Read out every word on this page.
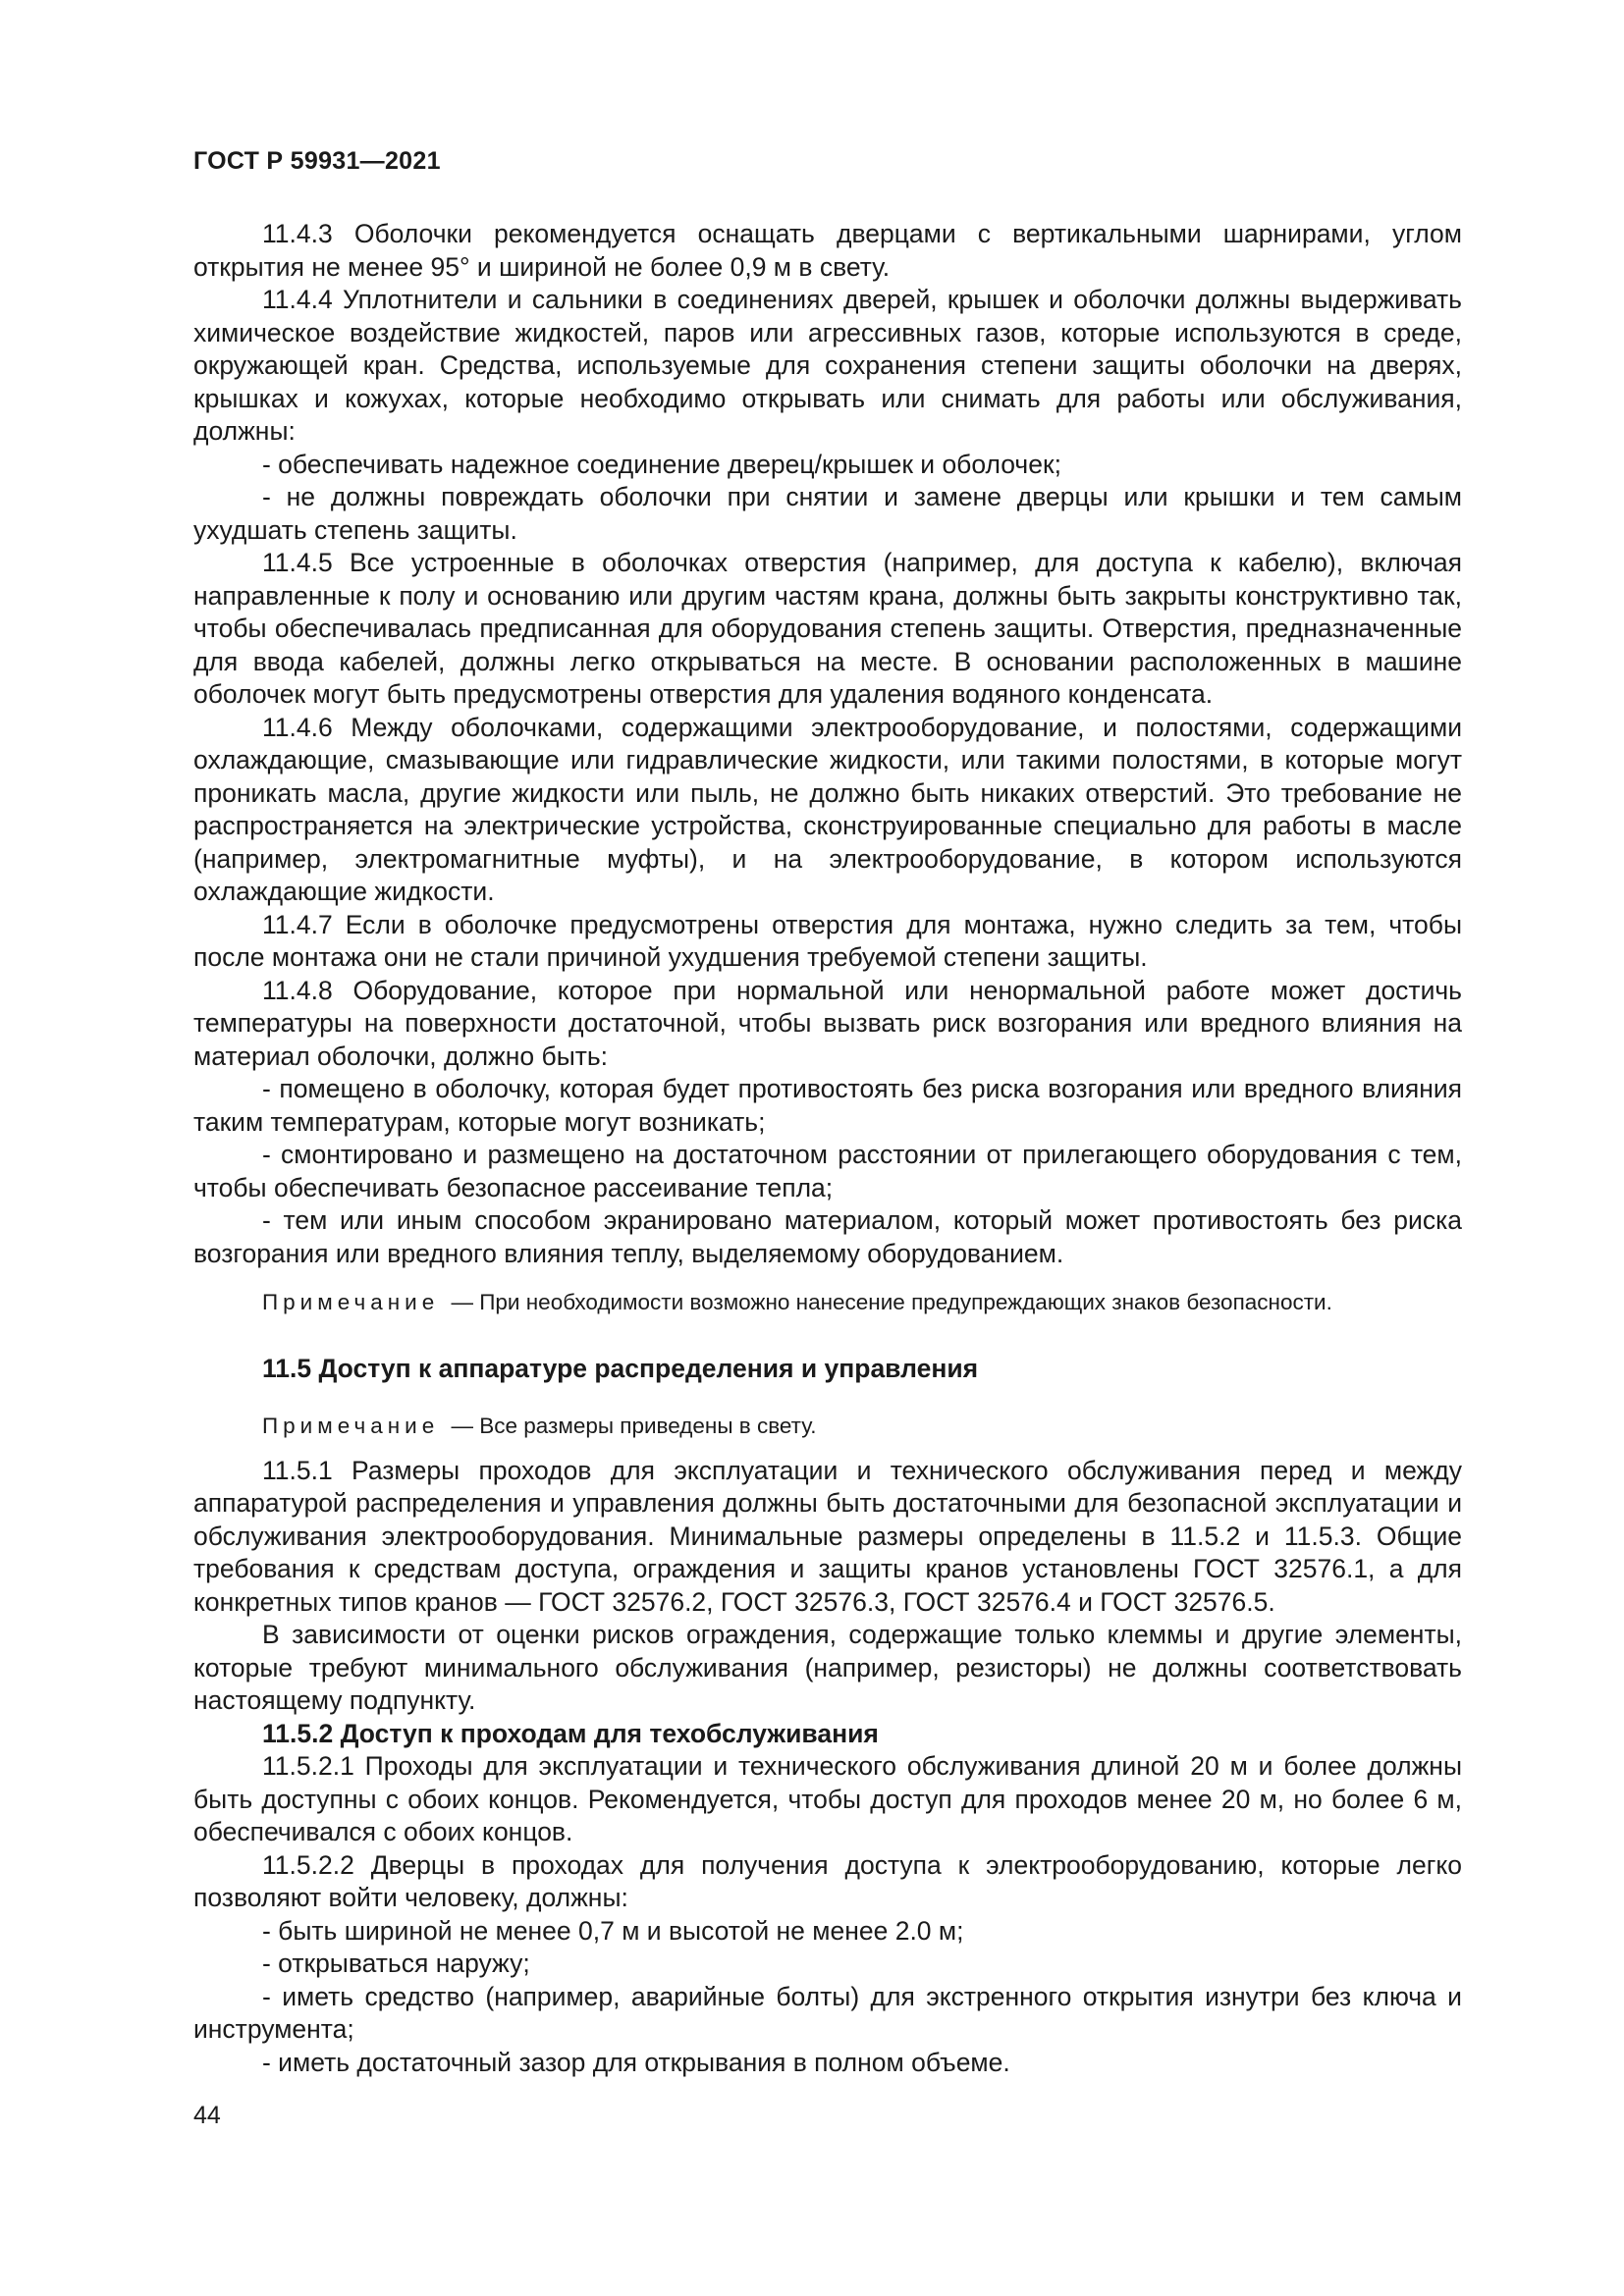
ГОСТ Р 59931—2021

11.4.3 Оболочки рекомендуется оснащать дверцами с вертикальными шарнирами, углом открытия не менее 95° и шириной не более 0,9 м в свету.

11.4.4 Уплотнители и сальники в соединениях дверей, крышек и оболочки должны выдерживать химическое воздействие жидкостей, паров или агрессивных газов, которые используются в среде, окружающей кран. Средства, используемые для сохранения степени защиты оболочки на дверях, крышках и кожухах, которые необходимо открывать или снимать для работы или обслуживания, должны:

- обеспечивать надежное соединение дверец/крышек и оболочек;

- не должны повреждать оболочки при снятии и замене дверцы или крышки и тем самым ухудшать степень защиты.

11.4.5 Все устроенные в оболочках отверстия (например, для доступа к кабелю), включая направленные к полу и основанию или другим частям крана, должны быть закрыты конструктивно так, чтобы обеспечивалась предписанная для оборудования степень защиты. Отверстия, предназначенные для ввода кабелей, должны легко открываться на месте. В основании расположенных в машине оболочек могут быть предусмотрены отверстия для удаления водяного конденсата.

11.4.6 Между оболочками, содержащими электрооборудование, и полостями, содержащими охлаждающие, смазывающие или гидравлические жидкости, или такими полостями, в которые могут проникать масла, другие жидкости или пыль, не должно быть никаких отверстий. Это требование не распространяется на электрические устройства, сконструированные специально для работы в масле (например, электромагнитные муфты), и на электрооборудование, в котором используются охлаждающие жидкости.

11.4.7 Если в оболочке предусмотрены отверстия для монтажа, нужно следить за тем, чтобы после монтажа они не стали причиной ухудшения требуемой степени защиты.

11.4.8 Оборудование, которое при нормальной или ненормальной работе может достичь температуры на поверхности достаточной, чтобы вызвать риск возгорания или вредного влияния на материал оболочки, должно быть:

- помещено в оболочку, которая будет противостоять без риска возгорания или вредного влияния таким температурам, которые могут возникать;

- смонтировано и размещено на достаточном расстоянии от прилегающего оборудования с тем, чтобы обеспечивать безопасное рассеивание тепла;

- тем или иным способом экранировано материалом, который может противостоять без риска возгорания или вредного влияния теплу, выделяемому оборудованием.

Примечание — При необходимости возможно нанесение предупреждающих знаков безопасности.

11.5 Доступ к аппаратуре распределения и управления

Примечание — Все размеры приведены в свету.

11.5.1 Размеры проходов для эксплуатации и технического обслуживания перед и между аппаратурой распределения и управления должны быть достаточными для безопасной эксплуатации и обслуживания электрооборудования. Минимальные размеры определены в 11.5.2 и 11.5.3. Общие требования к средствам доступа, ограждения и защиты кранов установлены ГОСТ 32576.1, а для конкретных типов кранов — ГОСТ 32576.2, ГОСТ 32576.3, ГОСТ 32576.4 и ГОСТ 32576.5.

В зависимости от оценки рисков ограждения, содержащие только клеммы и другие элементы, которые требуют минимального обслуживания (например, резисторы) не должны соответствовать настоящему подпункту.

11.5.2 Доступ к проходам для техобслуживания

11.5.2.1 Проходы для эксплуатации и технического обслуживания длиной 20 м и более должны быть доступны с обоих концов. Рекомендуется, чтобы доступ для проходов менее 20 м, но более 6 м, обеспечивался с обоих концов.

11.5.2.2 Дверцы в проходах для получения доступа к электрооборудованию, которые легко позволяют войти человеку, должны:

- быть шириной не менее 0,7 м и высотой не менее 2.0 м;

- открываться наружу;

- иметь средство (например, аварийные болты) для экстренного открытия изнутри без ключа и инструмента;

- иметь достаточный зазор для открывания в полном объеме.

44
